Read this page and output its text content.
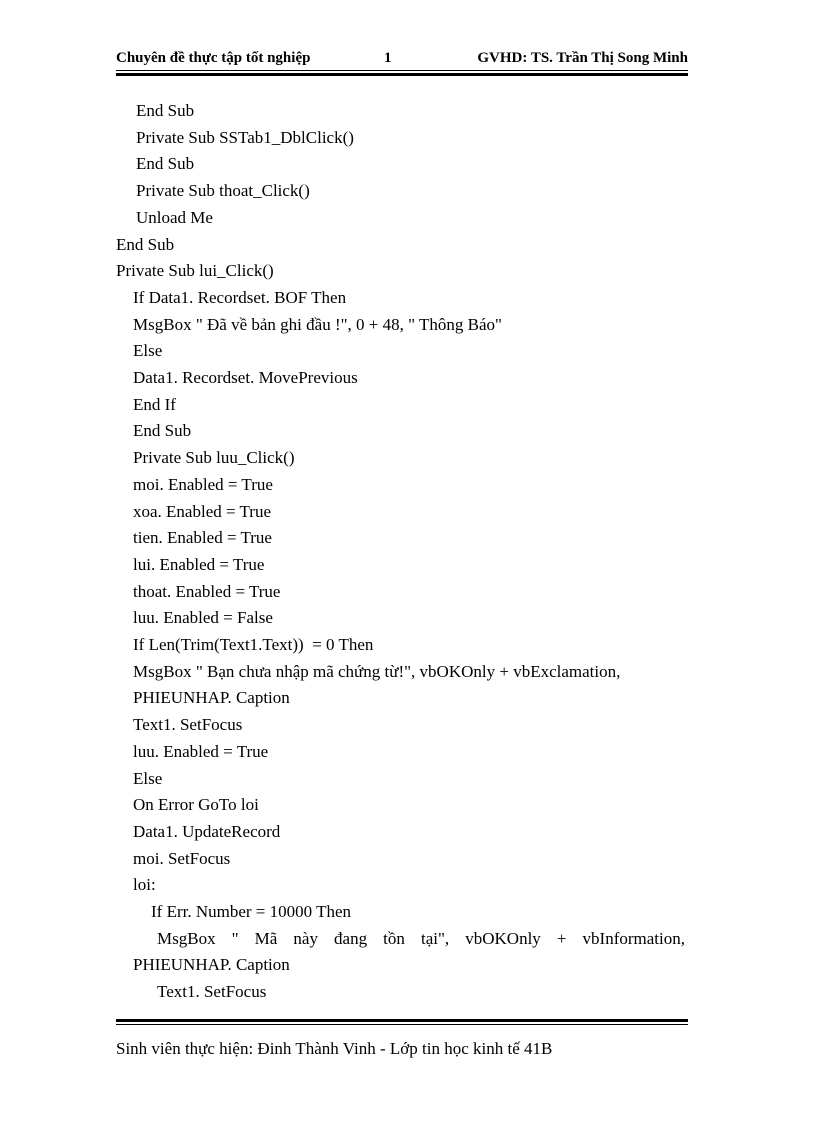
Chuyên đề thực tập tốt nghiệp	1	GVHD: TS. Trần Thị Song Minh
End Sub
Private Sub SSTab1_DblClick()
End Sub
Private Sub thoat_Click()
Unload Me
End Sub
Private Sub lui_Click()
If Data1. Recordset. BOF Then
MsgBox " Đã về bản ghi đầu !", 0 + 48, " Thông Báo"
Else
Data1. Recordset. MovePrevious
End If
End Sub
Private Sub luu_Click()
moi. Enabled = True
xoa. Enabled = True
tien. Enabled = True
lui. Enabled = True
thoat. Enabled = True
luu. Enabled = False
If Len(Trim(Text1.Text))  = 0 Then
MsgBox " Bạn chưa nhập mã chứng từ!", vbOKOnly + vbExclamation,
PHIEUNHAP. Caption
Text1. SetFocus
luu. Enabled = True
Else
On Error GoTo loi
Data1. UpdateRecord
moi. SetFocus
loi:
If Err. Number = 10000 Then
MsgBox " Mã này đang tồn tại", vbOKOnly + vbInformation,
PHIEUNHAP. Caption
Text1. SetFocus
Sinh viên thực hiện: Đinh Thành Vinh - Lớp tin học kinh tế 41B
